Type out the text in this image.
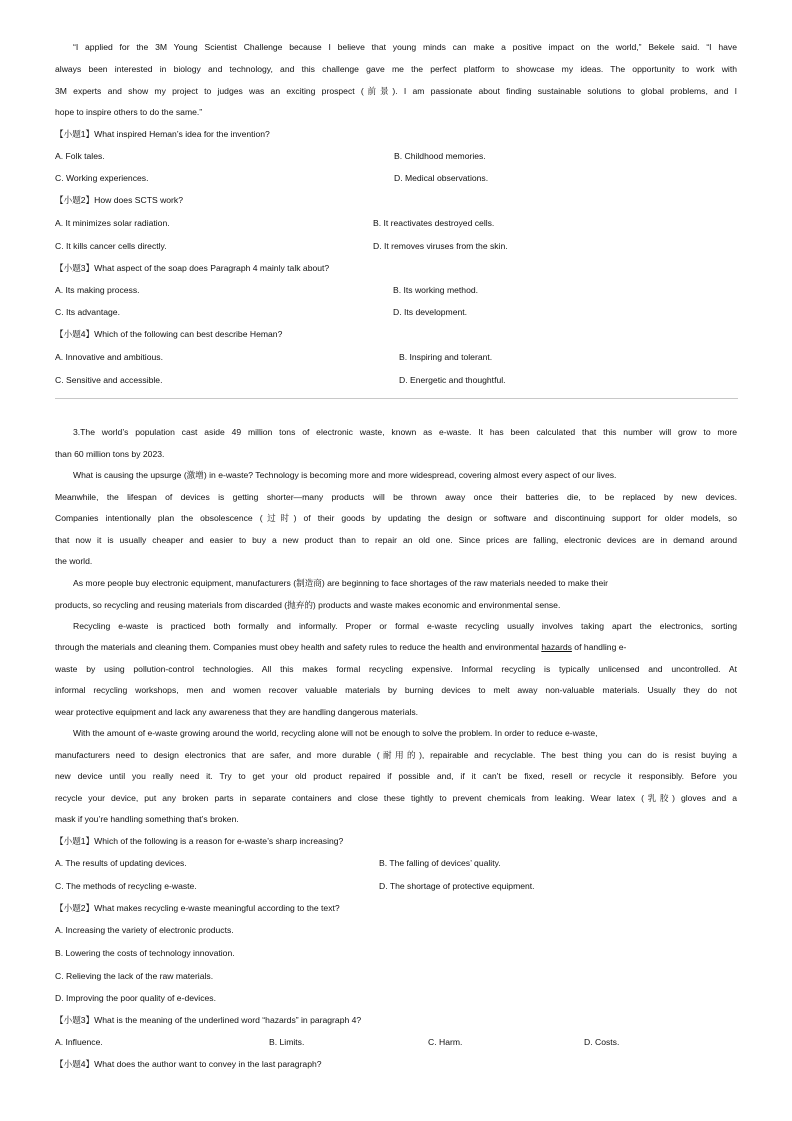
“I applied for the 3M Young Scientist Challenge because I believe that young minds can make a positive impact on the world,” Bekele said. “I have
always been interested in biology and technology, and this challenge gave me the perfect platform to showcase my ideas. The opportunity to work with
3M experts and show my project to judges was an exciting prospect (前景). I am passionate about finding sustainable solutions to global problems, and I
hope to inspire others to do the same.”
【小题1】What inspired Heman’s idea for the invention?
A. Folk tales.	B. Childhood memories.
C. Working experiences.	D. Medical observations.
【小题2】How does SCTS work?
A. It minimizes solar radiation.	B. It reactivates destroyed cells.
C. It kills cancer cells directly.	D. It removes viruses from the skin.
【小题3】What aspect of the soap does Paragraph 4 mainly talk about?
A. Its making process.	B. Its working method.
C. Its advantage.	D. Its development.
【小题4】Which of the following can best describe Heman?
A. Innovative and ambitious.	B. Inspiring and tolerant.
C. Sensitive and accessible.	D. Energetic and thoughtful.
3.The world’s population cast aside 49 million tons of electronic waste, known as e-waste. It has been calculated that this number will grow to more
than 60 million tons by 2023.
What is causing the upsurge (激增) in e-waste? Technology is becoming more and more widespread, covering almost every aspect of our lives.
Meanwhile, the lifespan of devices is getting shorter—many products will be thrown away once their batteries die, to be replaced by new devices.
Companies intentionally plan the obsolescence (过时) of their goods by updating the design or software and discontinuing support for older models, so
that now it is usually cheaper and easier to buy a new product than to repair an old one. Since prices are falling, electronic devices are in demand around
the world.
As more people buy electronic equipment, manufacturers (制造商) are beginning to face shortages of the raw materials needed to make their
products, so recycling and reusing materials from discarded (抛弃的) products and waste makes economic and environmental sense.
Recycling e-waste is practiced both formally and informally. Proper or formal e-waste recycling usually involves taking apart the electronics, sorting
through the materials and cleaning them. Companies must obey health and safety rules to reduce the health and environmental hazards of handling e-
waste by using pollution-control technologies. All this makes formal recycling expensive. Informal recycling is typically unlicensed and uncontrolled. At
informal recycling workshops, men and women recover valuable materials by burning devices to melt away non-valuable materials. Usually they do not
wear protective equipment and lack any awareness that they are handling dangerous materials.
With the amount of e-waste growing around the world, recycling alone will not be enough to solve the problem. In order to reduce e-waste,
manufacturers need to design electronics that are safer, and more durable (耐用的), repairable and recyclable. The best thing you can do is resist buying a
new device until you really need it. Try to get your old product repaired if possible and, if it can’t be fixed, resell or recycle it responsibly. Before you
recycle your device, put any broken parts in separate containers and close these tightly to prevent chemicals from leaking. Wear latex (乳胶) gloves and a
mask if you’re handling something that’s broken.
【小题1】Which of the following is a reason for e-waste’s sharp increasing?
A. The results of updating devices.	B. The falling of devices’ quality.
C. The methods of recycling e-waste.	D. The shortage of protective equipment.
【小题2】What makes recycling e-waste meaningful according to the text?
A. Increasing the variety of electronic products.
B. Lowering the costs of technology innovation.
C. Relieving the lack of the raw materials.
D. Improving the poor quality of e-devices.
【小题3】What is the meaning of the underlined word “hazards” in paragraph 4?
A. Influence.	B. Limits.	C. Harm.	D. Costs.
【小题4】What does the author want to convey in the last paragraph?
